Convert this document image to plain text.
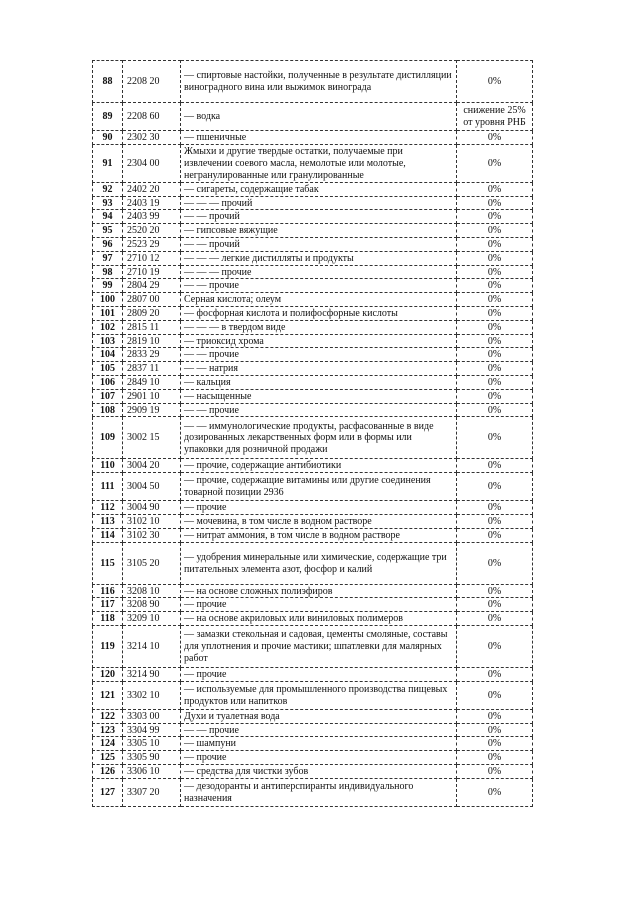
88	2208 20	— спиртовые настойки, полученные в результате дистилляции виноградного вина или выжимок винограда	0%
89	2208 60	— водка	снижение 25% от уровня РНБ
90	2302 30	— пшеничные	0%
91	2304 00	Жмыхи и другие твердые остатки, получаемые при извлечении соевого масла, немолотые или молотые, негранулированные или гранулированные	0%
92	2402 20	— сигареты, содержащие табак	0%
93	2403 19	— — — прочий	0%
94	2403 99	— — прочий	0%
95	2520 20	— гипсовые вяжущие	0%
96	2523 29	— — прочий	0%
97	2710 12	— — — легкие дистилляты и продукты	0%
98	2710 19	— — — прочие	0%
99	2804 29	— — прочие	0%
100	2807 00	Серная кислота; олеум	0%
101	2809 20	— фосфорная кислота и полифосфорные кислоты	0%
102	2815 11	— — — в твердом виде	0%
103	2819 10	— триоксид хрома	0%
104	2833 29	— — прочие	0%
105	2837 11	— — натрия	0%
106	2849 10	— кальция	0%
107	2901 10	— насыщенные	0%
108	2909 19	— — прочие	0%
109	3002 15	— — иммунологические продукты, расфасованные в виде дозированных лекарственных форм или в формы или упаковки для розничной продажи	0%
110	3004 20	— прочие, содержащие антибиотики	0%
111	3004 50	— прочие, содержащие витамины или другие соединения товарной позиции 2936	0%
112	3004 90	— прочие	0%
113	3102 10	— мочевина, в том числе в водном растворе	0%
114	3102 30	— нитрат аммония, в том числе в водном растворе	0%
115	3105 20	— удобрения минеральные или химические, содержащие три питательных элемента азот, фосфор и калий	0%
116	3208 10	— на основе сложных полиэфиров	0%
117	3208 90	— прочие	0%
118	3209 10	— на основе акриловых или виниловых полимеров	0%
119	3214 10	— замазки стекольная и садовая, цементы смоляные, составы для уплотнения и прочие мастики; шпатлевки для малярных работ	0%
120	3214 90	— прочие	0%
121	3302 10	— используемые для промышленного производства пищевых продуктов или напитков	0%
122	3303 00	Духи и туалетная вода	0%
123	3304 99	— — прочие	0%
124	3305 10	— шампуни	0%
125	3305 90	— прочие	0%
126	3306 10	— средства для чистки зубов	0%
127	3307 20	— дезодоранты и антиперспиранты индивидуального назначения	0%
